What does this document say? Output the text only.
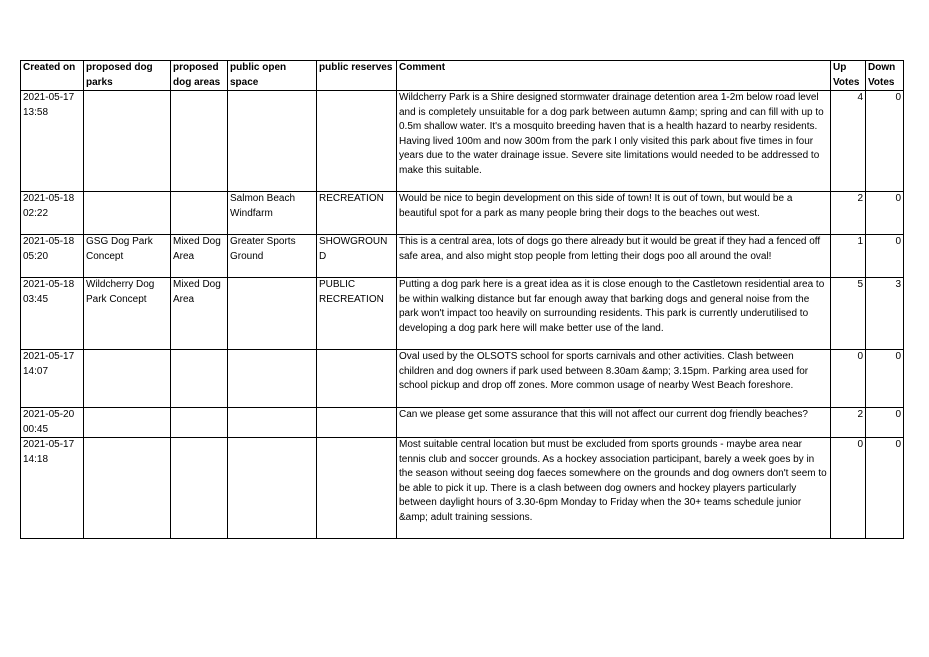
Created on	proposed dog parks	proposed dog areas	public open space	public reserves	Comment	Up Votes	Down Votes
2021-05-17 13:58					Wildcherry Park is a Shire designed stormwater drainage detention area 1-2m below road level and is completely unsuitable for a dog park between autumn &amp; spring and can fill with up to 0.5m shallow water. It's a mosquito breeding haven that is a health hazard to nearby residents. Having lived 100m and now 300m from the park I only visited this park about five times in four years due to the water drainage issue. Severe site limitations would needed to be addressed to make this suitable.	4	0
2021-05-18 02:22			Salmon Beach Windfarm	RECREATION	Would be nice to begin development on this side of town! It is out of town, but would be a beautiful spot for a park as many people bring their dogs to the beaches out west.	2	0
2021-05-18 05:20	GSG Dog Park Concept	Mixed Dog Area	Greater Sports Ground	SHOWGROUND	This is a central area, lots of dogs go there already but it would be great if they had a fenced off safe area, and also might stop people from letting their dogs poo all around the oval!	1	0
2021-05-18 03:45	Wildcherry Dog Park Concept	Mixed Dog Area		PUBLIC RECREATION	Putting a dog park here is a great idea as it is close enough to the Castletown residential area to be within walking distance but far enough away that barking dogs and general noise from the park won't impact too heavily on surrounding residents. This park is currently underutilised to developing a dog park here will make better use of the land.	5	3
2021-05-17 14:07					Oval used by the OLSOTS school for sports carnivals and other activities. Clash between children and dog owners if park used between 8.30am &amp; 3.15pm. Parking area used for school pickup and drop off zones. More common usage of nearby West Beach foreshore.	0	0
2021-05-20 00:45					Can we please get some assurance that this will not affect our current dog friendly beaches?	2	0
2021-05-17 14:18					Most suitable central location but must be excluded from sports grounds - maybe area near tennis club and soccer grounds. As a hockey association participant, barely a week goes by in the season without seeing dog faeces somewhere on the grounds and dog owners don't seem to be able to pick it up. There is a clash between dog owners and hockey players particularly between daylight hours of 3.30-6pm Monday to Friday when the 30+ teams schedule junior &amp; adult training sessions.	0	0
